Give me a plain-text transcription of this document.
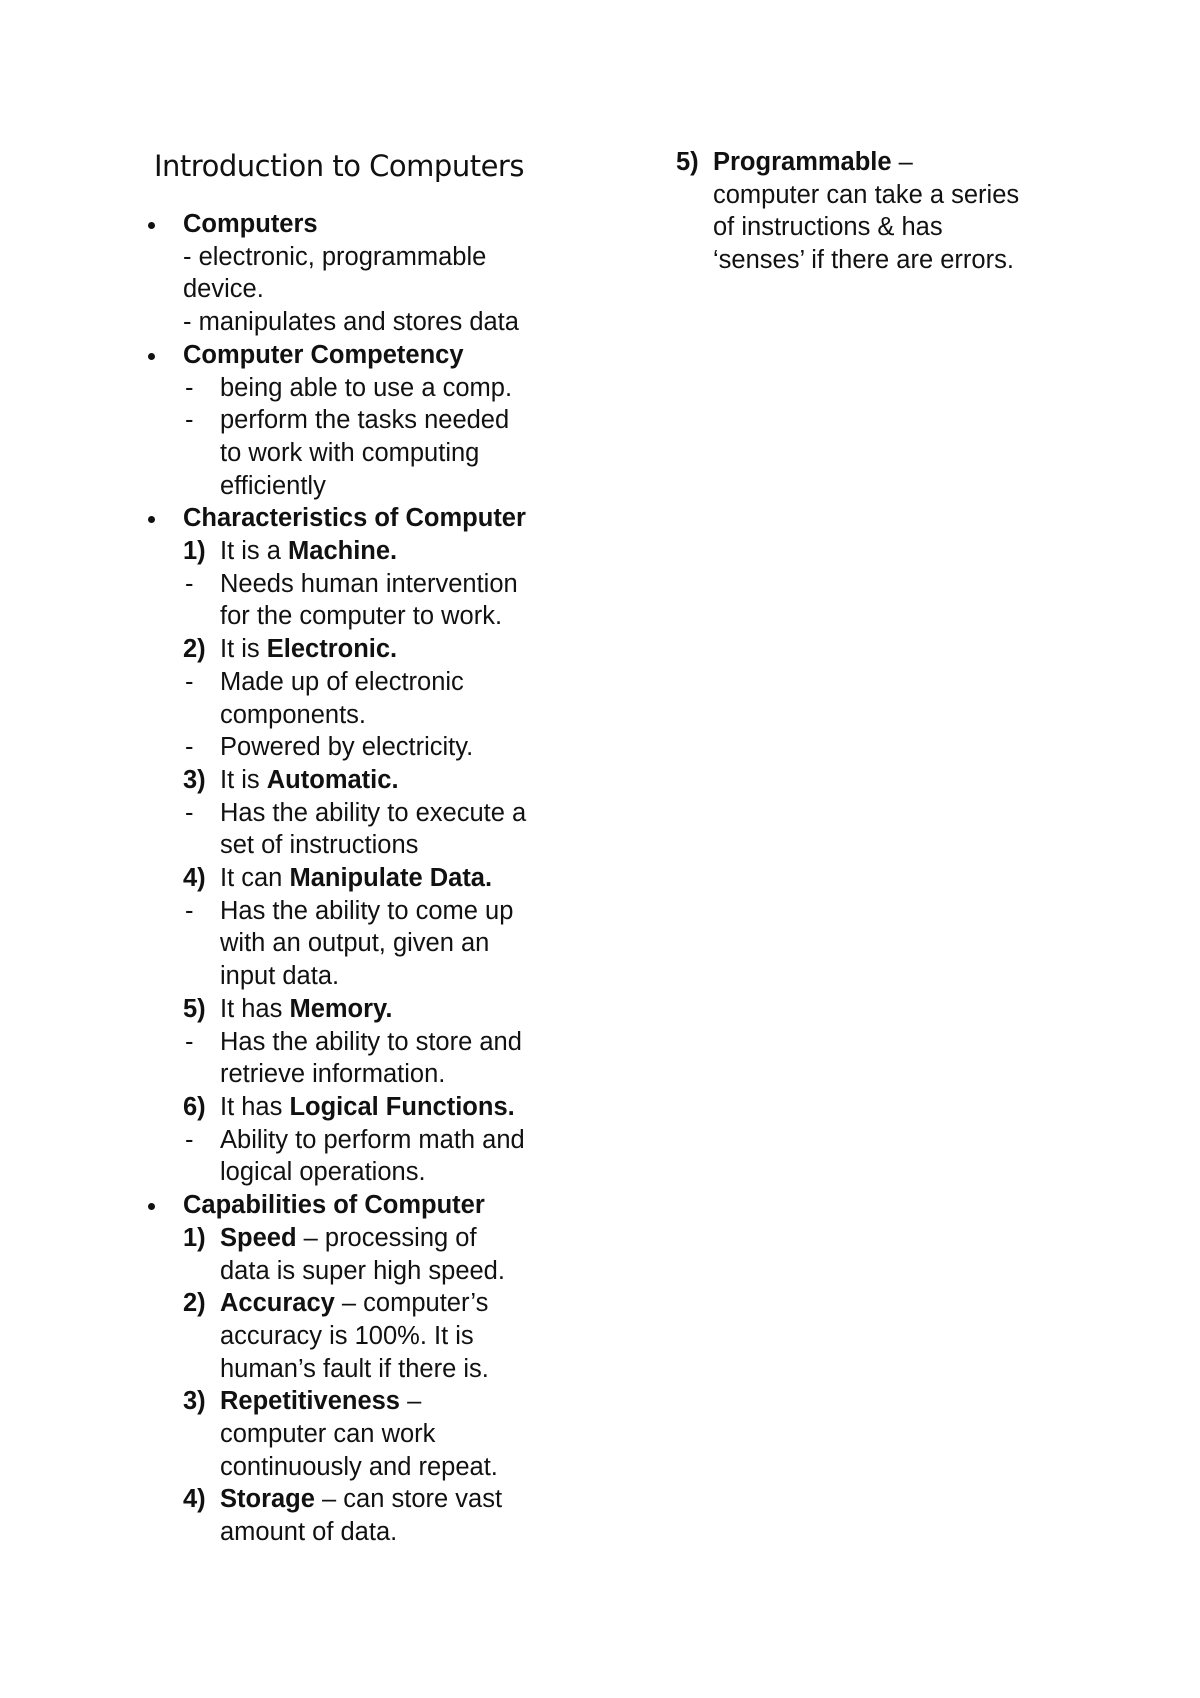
Introduction to Computers
Computers
- electronic, programmable
device.
- manipulates and stores data
Computer Competency
- being able to use a comp.
- perform the tasks needed
to work with computing
efficiently
Characteristics of Computer
1) It is a Machine.
- Needs human intervention
for the computer to work.
2) It is Electronic.
- Made up of electronic
components.
- Powered by electricity.
3) It is Automatic.
- Has the ability to execute a
set of instructions
4) It can Manipulate Data.
- Has the ability to come up
with an output, given an
input data.
5) It has Memory.
- Has the ability to store and
retrieve information.
6) It has Logical Functions.
- Ability to perform math and
logical operations.
Capabilities of Computer
1) Speed – processing of
data is super high speed.
2) Accuracy – computer’s
accuracy is 100%. It is
human’s fault if there is.
3) Repetitiveness –
computer can work
continuously and repeat.
4) Storage – can store vast
amount of data.
5) Programmable –
computer can take a series
of instructions & has
‘senses’ if there are errors.
